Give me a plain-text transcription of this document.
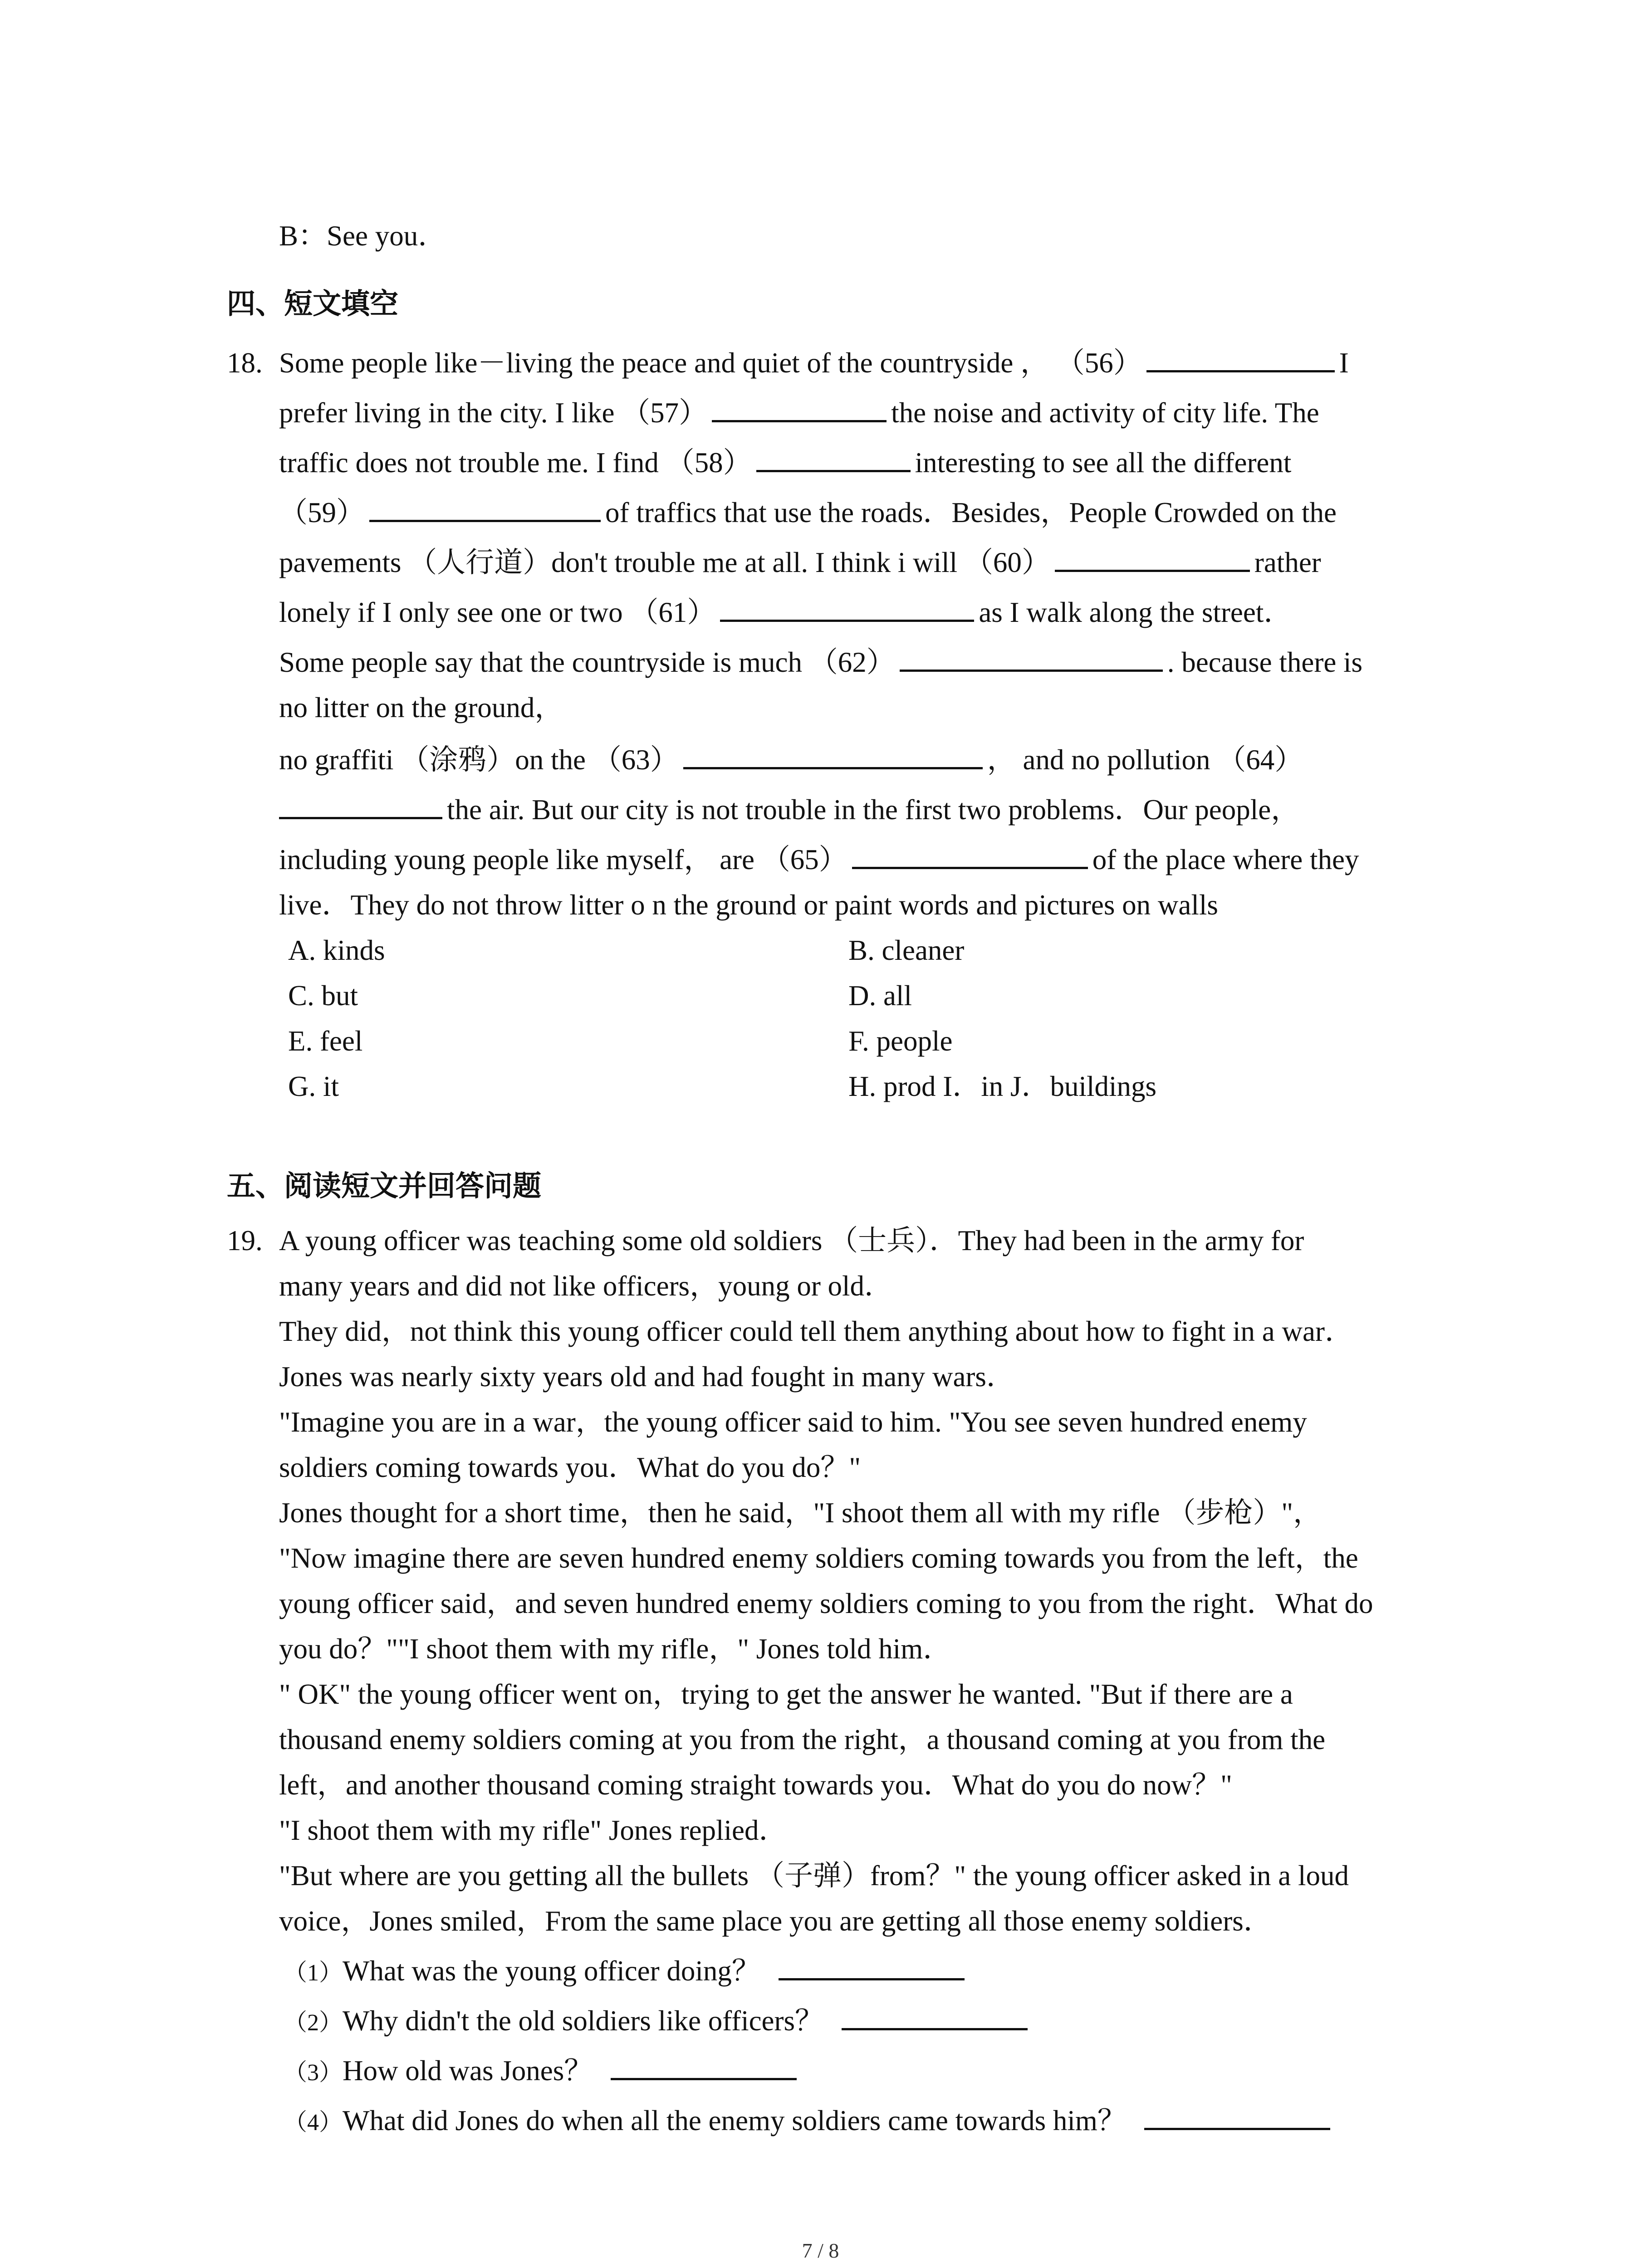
B：See you．
四、短文填空
18. Some people like－living the peace and quiet of the countryside ， （56）	I
prefer living in the city. I like （57）	the noise and activity of city life. The
traffic does not trouble me. I find （58）	interesting to see all the different
（59）	of traffics that use the roads．Besides，People Crowded on the
pavements （人行道）don't trouble me at all. I think i will （60）	rather
lonely if I only see one or two （61）	as I walk along the street．
Some people say that the countryside is much （62）	. because there is
no litter on the ground，
no graffiti （涂鸦）on the （63）	， and no pollution （64）
the air. But our city is not trouble in the first two problems．Our people，
including young people like myself， are （65）	of the place where they
live．They do not throw litter o n the ground or paint words and pictures on walls
A. kinds	B. cleaner
C. but	D. all
E. feel	F. people
G. it	H. prod I．in J．buildings
五、阅读短文并回答问题
19. A young officer was teaching some old soldiers （士兵）．They had been in the army for
many years and did not like officers，young or old．
They did，not think this young officer could tell them anything about how to fight in a war．
Jones was nearly sixty years old and had fought in many wars．
"Imagine you are in a war，the young officer said to him. "You see seven hundred enemy
soldiers coming towards you．What do you do？"
Jones thought for a short time，then he said，"I shoot them all with my rifle （步枪）"，
"Now imagine there are seven hundred enemy soldiers coming towards you from the left，the
young officer said，and seven hundred enemy soldiers coming to you from the right．What do
you do？""I shoot them with my rifle，" Jones told him．
" OK" the young officer went on，trying to get the answer he wanted. "But if there are a
thousand enemy soldiers coming at you from the right，a thousand coming at you from the
left，and another thousand coming straight towards you．What do you do now？"
"I shoot them with my rifle" Jones replied．
"But where are you getting all the bullets （子弹）from？" the young officer asked in a loud
voice，Jones smiled，From the same place you are getting all those enemy soldiers．
（1）What was the young officer doing？
（2）Why didn't the old soldiers like officers？
（3）How old was Jones？
（4）What did Jones do when all the enemy soldiers came towards him？
7 / 8
